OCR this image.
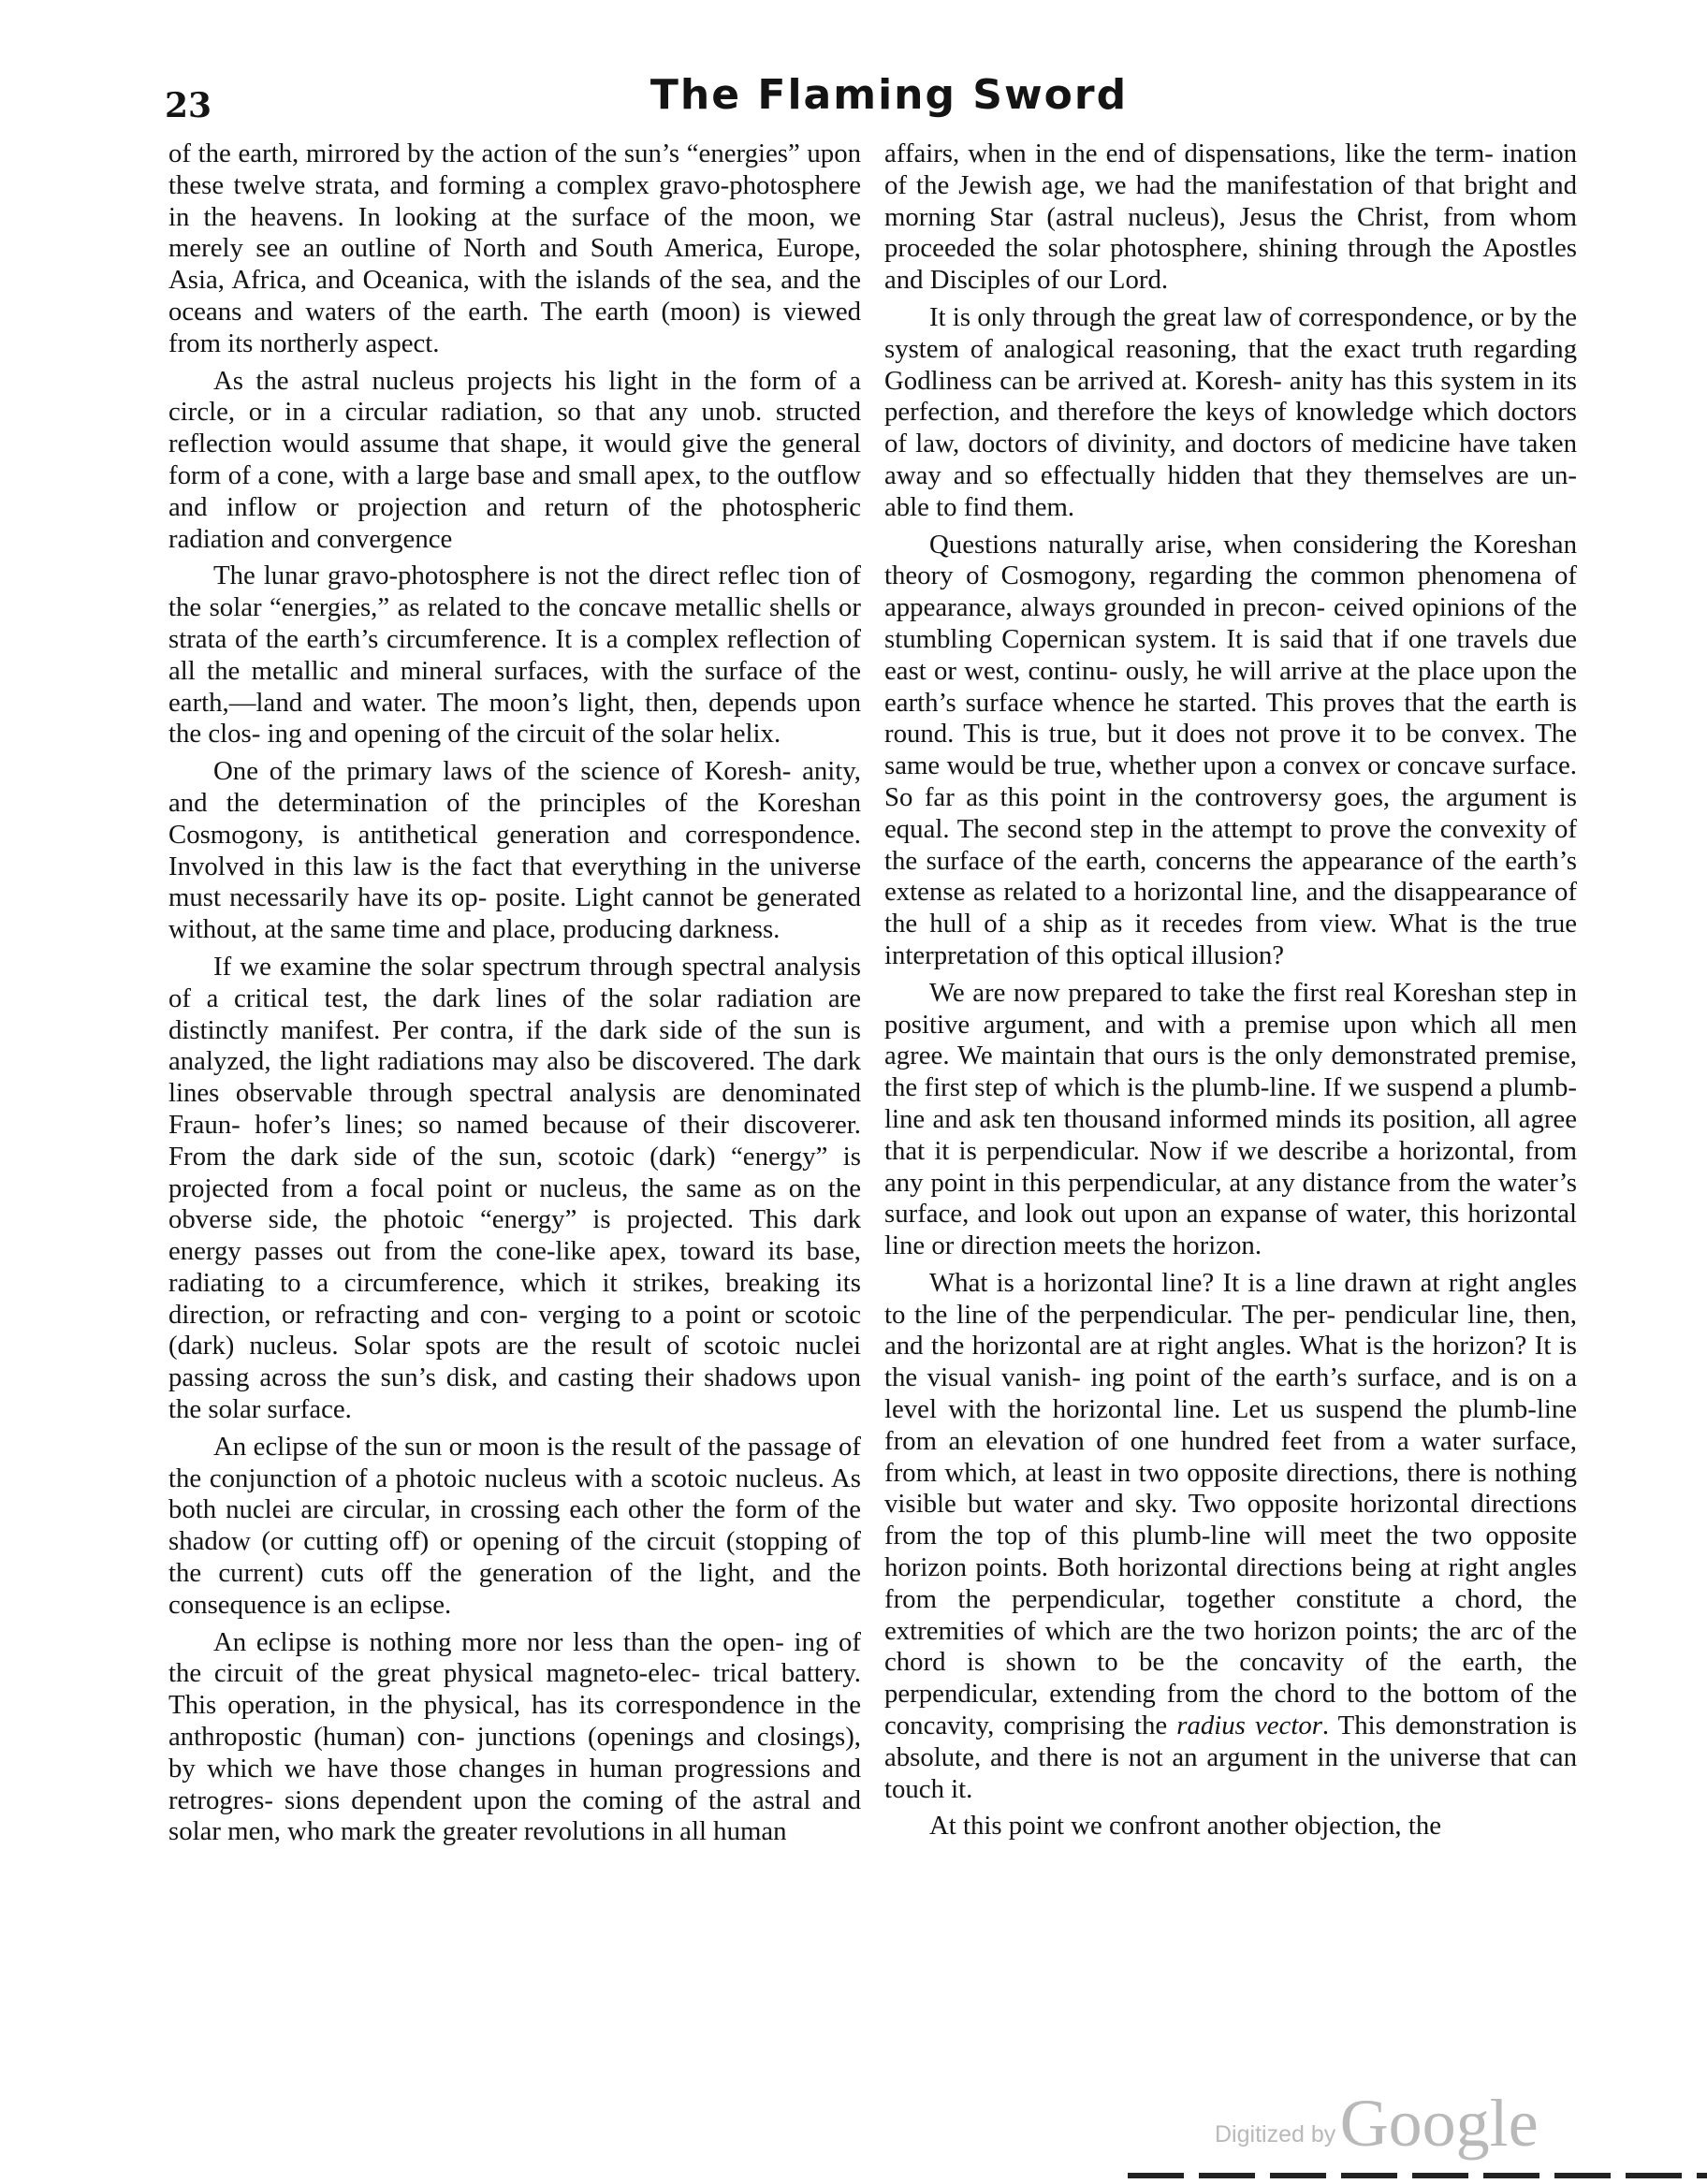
23	The Flaming Sword

of the earth, mirrored by the action of the sun’s “energies” upon these twelve strata, and forming a complex gravo-photosphere in the heavens. In looking at the surface of the moon, we merely see an outline of North and South America, Europe, Asia, Africa, and Oceanica, with the islands of the sea, and the oceans and waters of the earth. The earth (moon) is viewed from its northerly aspect.

As the astral nucleus projects his light in the form of a circle, or in a circular radiation, so that any unob. structed reflection would assume that shape, it would give the general form of a cone, with a large base and small apex, to the outflow and inflow or projection and return of the photospheric radiation and convergence

The lunar gravo-photosphere is not the direct reflec tion of the solar “energies,” as related to the concave metallic shells or strata of the earth’s circumference. It is a complex reflection of all the metallic and mineral surfaces, with the surface of the earth,—land and water. The moon’s light, then, depends upon the clos- ing and opening of the circuit of the solar helix.

One of the primary laws of the science of Koresh- anity, and the determination of the principles of the Koreshan Cosmogony, is antithetical generation and correspondence. Involved in this law is the fact that everything in the universe must necessarily have its op- posite. Light cannot be generated without, at the same time and place, producing darkness.

If we examine the solar spectrum through spectral analysis of a critical test, the dark lines of the solar radiation are distinctly manifest. Per contra, if the dark side of the sun is analyzed, the light radiations may also be discovered. The dark lines observable through spectral analysis are denominated Fraun- hofer’s lines; so named because of their discoverer. From the dark side of the sun, scotoic (dark) “energy” is projected from a focal point or nucleus, the same as on the obverse side, the photoic “energy” is projected. This dark energy passes out from the cone-like apex, toward its base, radiating to a circumference, which it strikes, breaking its direction, or refracting and con- verging to a point or scotoic (dark) nucleus. Solar spots are the result of scotoic nuclei passing across the sun’s disk, and casting their shadows upon the solar surface.

An eclipse of the sun or moon is the result of the passage of the conjunction of a photoic nucleus with a scotoic nucleus. As both nuclei are circular, in crossing each other the form of the shadow (or cutting off) or opening of the circuit (stopping of the current) cuts off the generation of the light, and the consequence is an eclipse.

An eclipse is nothing more nor less than the open- ing of the circuit of the great physical magneto-elec- trical battery. This operation, in the physical, has its correspondence in the anthropostic (human) con- junctions (openings and closings), by which we have those changes in human progressions and retrogres- sions dependent upon the coming of the astral and solar men, who mark the greater revolutions in all human

affairs, when in the end of dispensations, like the term- ination of the Jewish age, we had the manifestation of that bright and morning Star (astral nucleus), Jesus the Christ, from whom proceeded the solar photosphere, shining through the Apostles and Disciples of our Lord.

It is only through the great law of correspondence, or by the system of analogical reasoning, that the exact truth regarding Godliness can be arrived at. Koresh- anity has this system in its perfection, and therefore the keys of knowledge which doctors of law, doctors of divinity, and doctors of medicine have taken away and so effectually hidden that they themselves are un- able to find them.

Questions naturally arise, when considering the Koreshan theory of Cosmogony, regarding the common phenomena of appearance, always grounded in precon- ceived opinions of the stumbling Copernican system. It is said that if one travels due east or west, continu- ously, he will arrive at the place upon the earth’s surface whence he started. This proves that the earth is round. This is true, but it does not prove it to be convex. The same would be true, whether upon a convex or concave surface. So far as this point in the controversy goes, the argument is equal. The second step in the attempt to prove the convexity of the surface of the earth, concerns the appearance of the earth’s extense as related to a horizontal line, and the disappearance of the hull of a ship as it recedes from view. What is the true interpretation of this optical illusion?

We are now prepared to take the first real Koreshan step in positive argument, and with a premise upon which all men agree. We maintain that ours is the only demonstrated premise, the first step of which is the plumb-line. If we suspend a plumb-line and ask ten thousand informed minds its position, all agree that it is perpendicular. Now if we describe a horizontal, from any point in this perpendicular, at any distance from the water’s surface, and look out upon an expanse of water, this horizontal line or direction meets the horizon.

What is a horizontal line? It is a line drawn at right angles to the line of the perpendicular. The per- pendicular line, then, and the horizontal are at right angles. What is the horizon? It is the visual vanish- ing point of the earth’s surface, and is on a level with the horizontal line. Let us suspend the plumb-line from an elevation of one hundred feet from a water surface, from which, at least in two opposite directions, there is nothing visible but water and sky. Two opposite horizontal directions from the top of this plumb-line will meet the two opposite horizon points. Both horizontal directions being at right angles from the perpendicular, together constitute a chord, the extremities of which are the two horizon points; the arc of the chord is shown to be the concavity of the earth, the perpendicular, extending from the chord to the bottom of the concavity, comprising the radius vector. This demonstration is absolute, and there is not an argument in the universe that can touch it.

At this point we confront another objection, the

Digitized by Google
